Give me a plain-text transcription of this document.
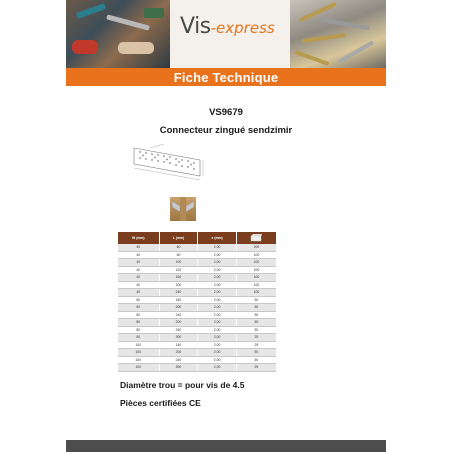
Vis-express
Fiche Technique
VS9679
Connecteur zingué sendzimir
W (mm)	L (mm)	e (mm)	
40	60	2,00	200
40	80	2,00	100
40	100	2,00	100
40	120	2,00	100
40	160	2,00	100
40	200	2,00	100
40	240	2,00	100
60	140	2,00	50
60	200	2,00	50
60	240	2,00	50
80	200	2,00	50
80	240	2,00	50
80	300	2,00	25
100	140	2,00	25
100	200	2,00	50
100	240	2,00	50
100	300	2,00	25
Diamètre trou = pour vis de 4.5
Pièces certifiées CE
